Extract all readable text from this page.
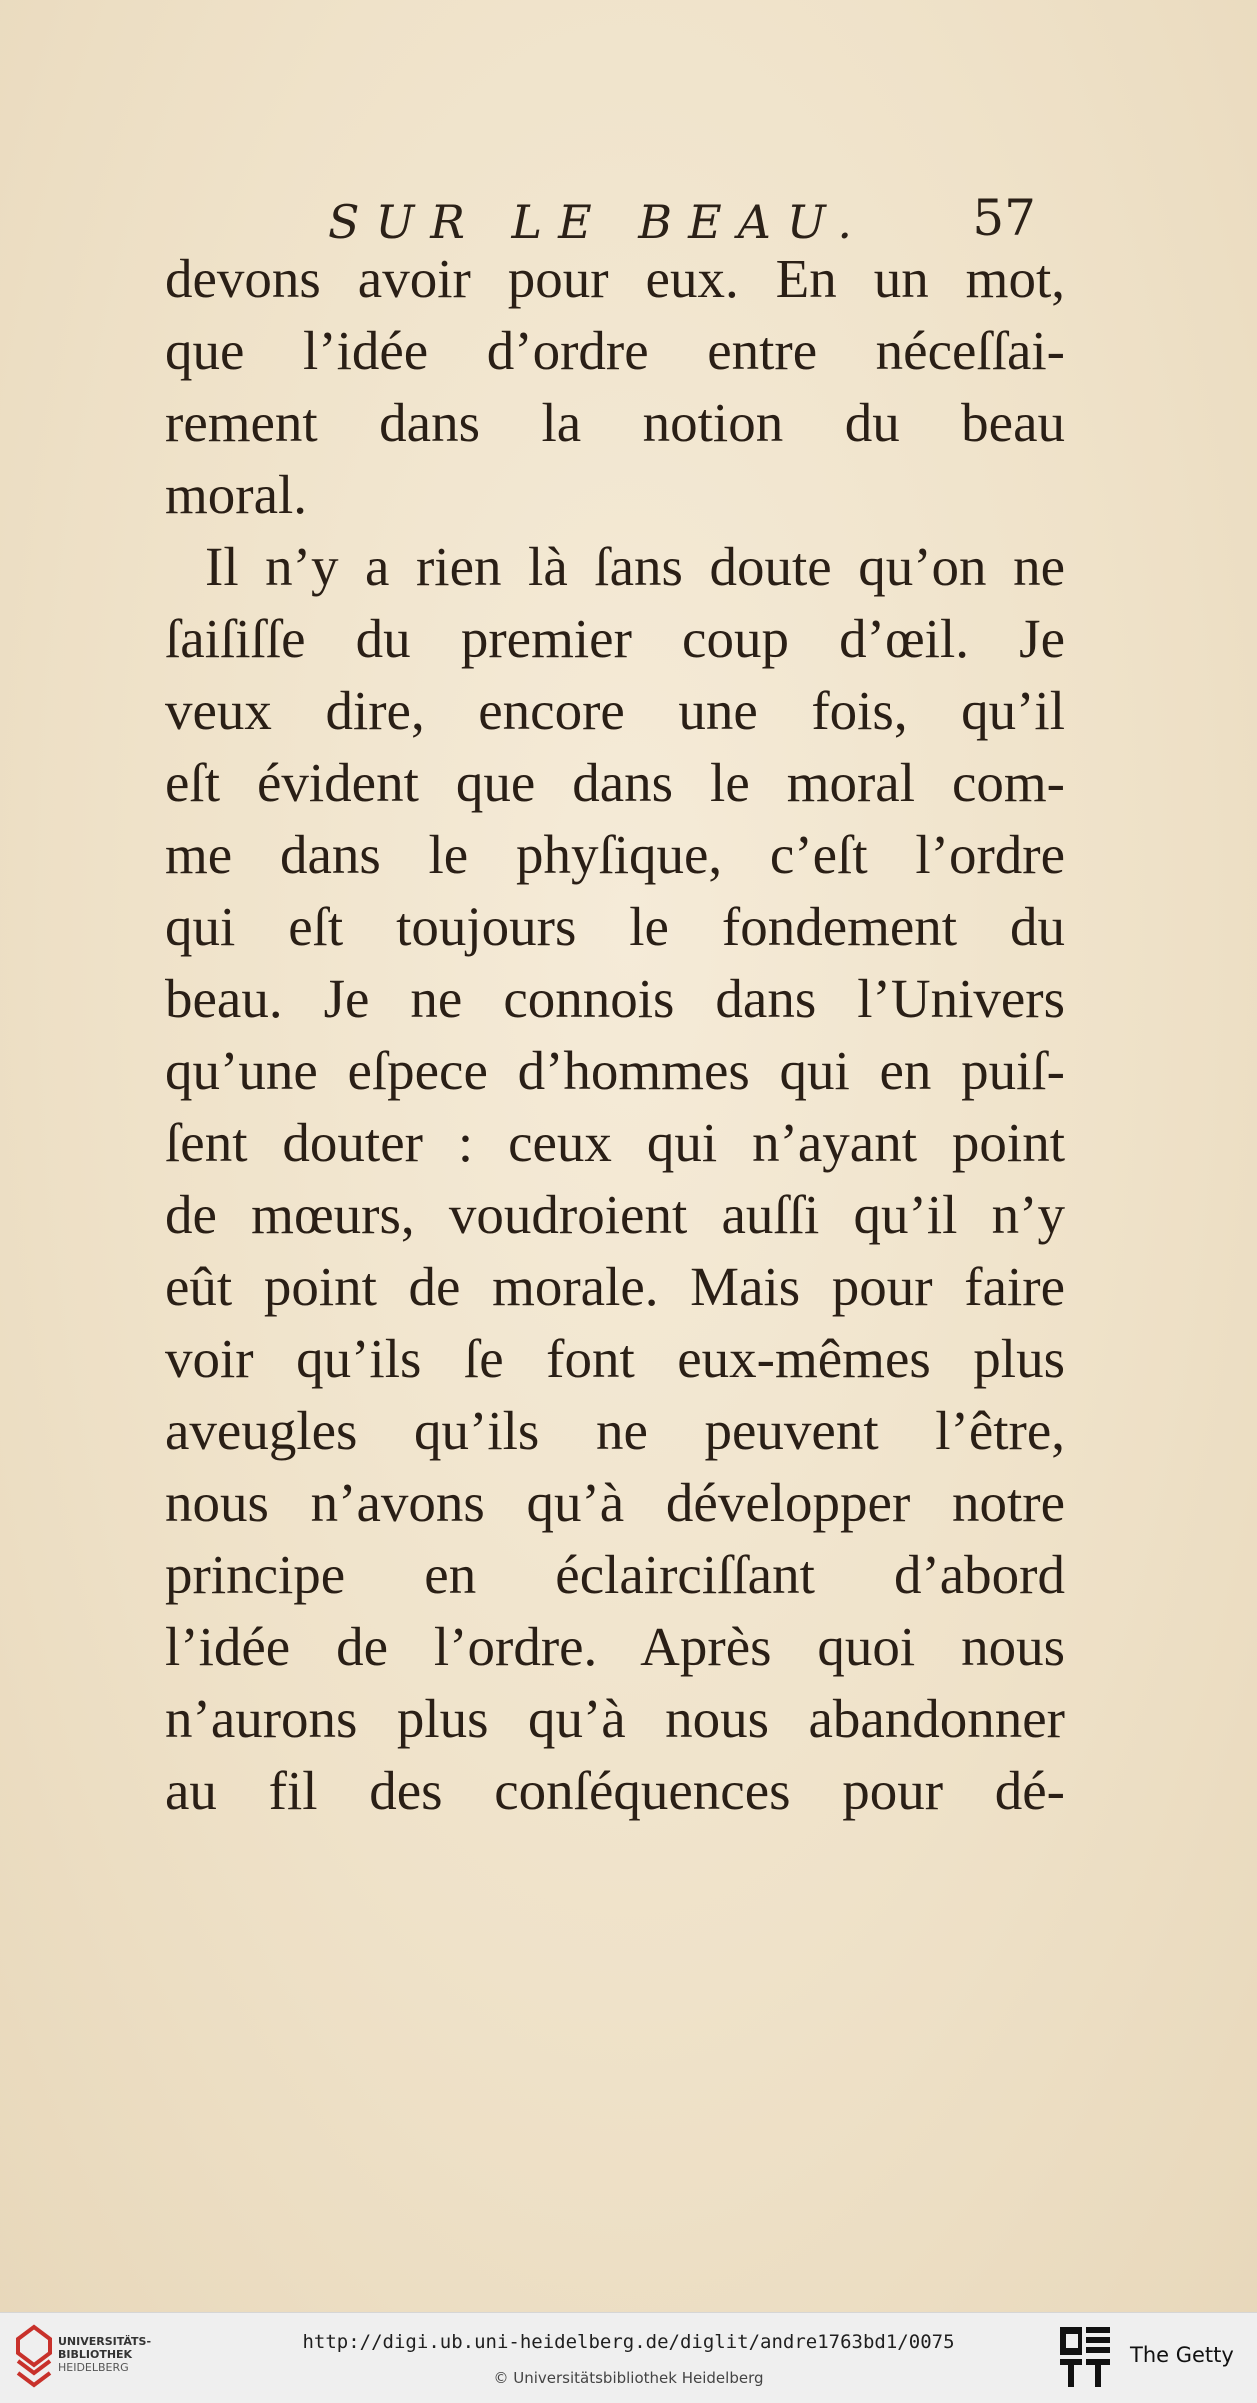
SUR LE BEAU. 57
devons avoir pour eux. En un mot,
que l’idée d’ordre entre néceſſai-
rement dans la notion du beau
moral.
Il n’y a rien là ſans doute qu’on ne
ſaiſiſſe du premier coup d’œil. Je
veux dire, encore une fois, qu’il
eſt évident que dans le moral com-
me dans le phyſique, c’eſt l’ordre
qui eſt toujours le fondement du
beau. Je ne connois dans l’Univers
qu’une eſpece d’hommes qui en puiſ-
ſent douter : ceux qui n’ayant point
de mœurs, voudroient auſſi qu’il n’y
eût point de morale. Mais pour faire
voir qu’ils ſe font eux-mêmes plus
aveugles qu’ils ne peuvent l’être,
nous n’avons qu’à développer notre
principe en éclairciſſant d’abord
l’idée de l’ordre. Après quoi nous
n’aurons plus qu’à nous abandonner
au fil des conſéquences pour dé-
UNIVERSITÄTS-
BIBLIOTHEK
HEIDELBERG
http://digi.ub.uni-heidelberg.de/diglit/andre1763bd1/0075
© Universitätsbibliothek Heidelberg
The Getty
